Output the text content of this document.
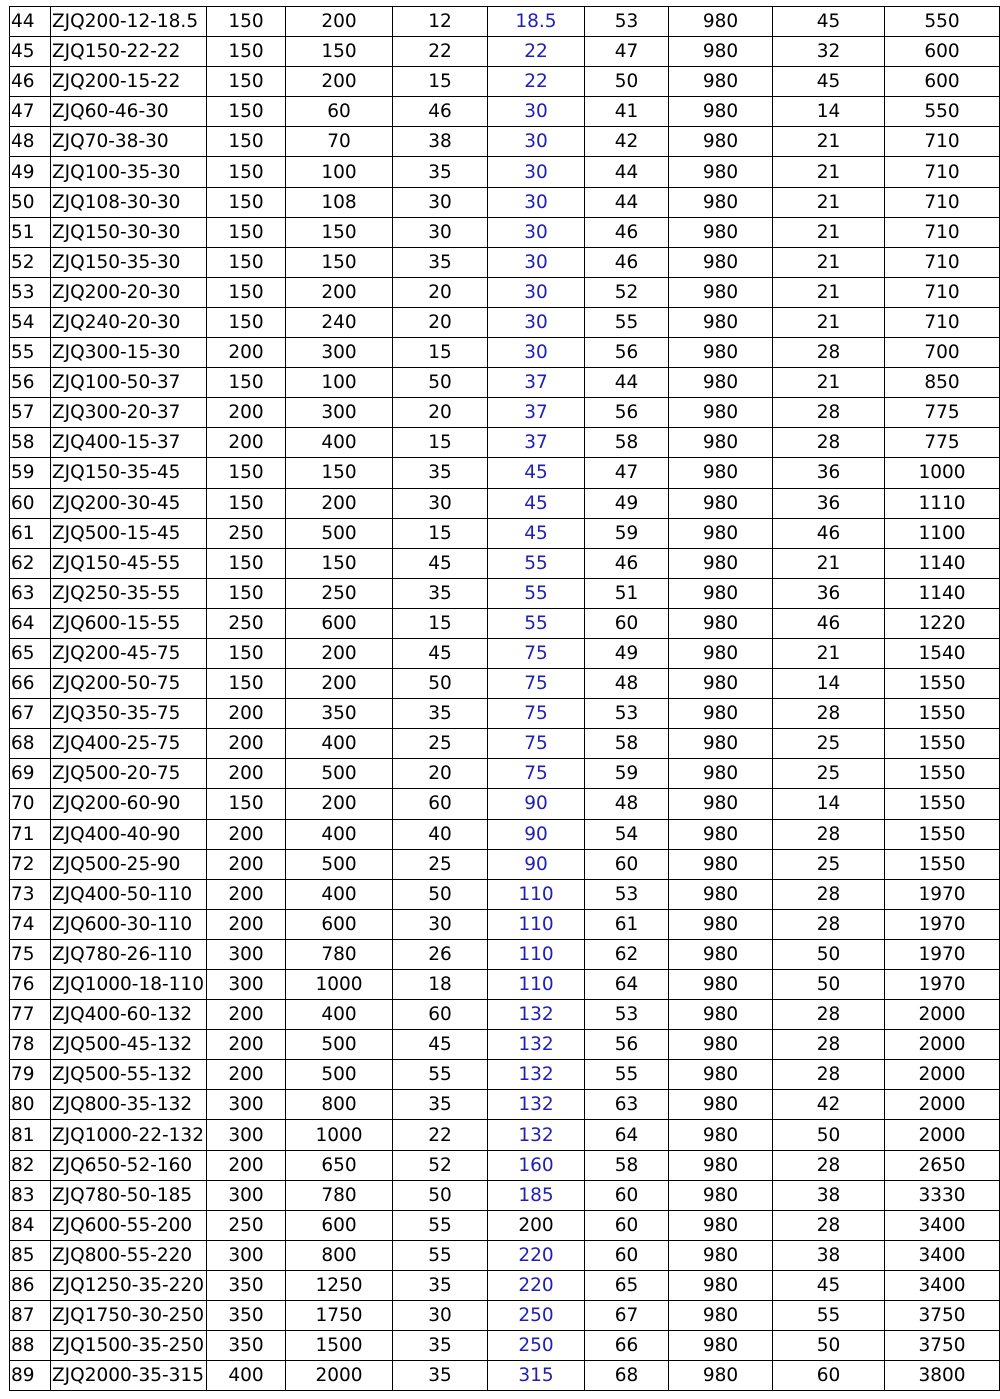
44	ZJQ200-12-18.5	150	200	12	18.5	53	980	45	550
45	ZJQ150-22-22	150	150	22	22	47	980	32	600
46	ZJQ200-15-22	150	200	15	22	50	980	45	600
47	ZJQ60-46-30	150	60	46	30	41	980	14	550
48	ZJQ70-38-30	150	70	38	30	42	980	21	710
49	ZJQ100-35-30	150	100	35	30	44	980	21	710
50	ZJQ108-30-30	150	108	30	30	44	980	21	710
51	ZJQ150-30-30	150	150	30	30	46	980	21	710
52	ZJQ150-35-30	150	150	35	30	46	980	21	710
53	ZJQ200-20-30	150	200	20	30	52	980	21	710
54	ZJQ240-20-30	150	240	20	30	55	980	21	710
55	ZJQ300-15-30	200	300	15	30	56	980	28	700
56	ZJQ100-50-37	150	100	50	37	44	980	21	850
57	ZJQ300-20-37	200	300	20	37	56	980	28	775
58	ZJQ400-15-37	200	400	15	37	58	980	28	775
59	ZJQ150-35-45	150	150	35	45	47	980	36	1000
60	ZJQ200-30-45	150	200	30	45	49	980	36	1110
61	ZJQ500-15-45	250	500	15	45	59	980	46	1100
62	ZJQ150-45-55	150	150	45	55	46	980	21	1140
63	ZJQ250-35-55	150	250	35	55	51	980	36	1140
64	ZJQ600-15-55	250	600	15	55	60	980	46	1220
65	ZJQ200-45-75	150	200	45	75	49	980	21	1540
66	ZJQ200-50-75	150	200	50	75	48	980	14	1550
67	ZJQ350-35-75	200	350	35	75	53	980	28	1550
68	ZJQ400-25-75	200	400	25	75	58	980	25	1550
69	ZJQ500-20-75	200	500	20	75	59	980	25	1550
70	ZJQ200-60-90	150	200	60	90	48	980	14	1550
71	ZJQ400-40-90	200	400	40	90	54	980	28	1550
72	ZJQ500-25-90	200	500	25	90	60	980	25	1550
73	ZJQ400-50-110	200	400	50	110	53	980	28	1970
74	ZJQ600-30-110	200	600	30	110	61	980	28	1970
75	ZJQ780-26-110	300	780	26	110	62	980	50	1970
76	ZJQ1000-18-110	300	1000	18	110	64	980	50	1970
77	ZJQ400-60-132	200	400	60	132	53	980	28	2000
78	ZJQ500-45-132	200	500	45	132	56	980	28	2000
79	ZJQ500-55-132	200	500	55	132	55	980	28	2000
80	ZJQ800-35-132	300	800	35	132	63	980	42	2000
81	ZJQ1000-22-132	300	1000	22	132	64	980	50	2000
82	ZJQ650-52-160	200	650	52	160	58	980	28	2650
83	ZJQ780-50-185	300	780	50	185	60	980	38	3330
84	ZJQ600-55-200	250	600	55	200	60	980	28	3400
85	ZJQ800-55-220	300	800	55	220	60	980	38	3400
86	ZJQ1250-35-220	350	1250	35	220	65	980	45	3400
87	ZJQ1750-30-250	350	1750	30	250	67	980	55	3750
88	ZJQ1500-35-250	350	1500	35	250	66	980	50	3750
89	ZJQ2000-35-315	400	2000	35	315	68	980	60	3800
